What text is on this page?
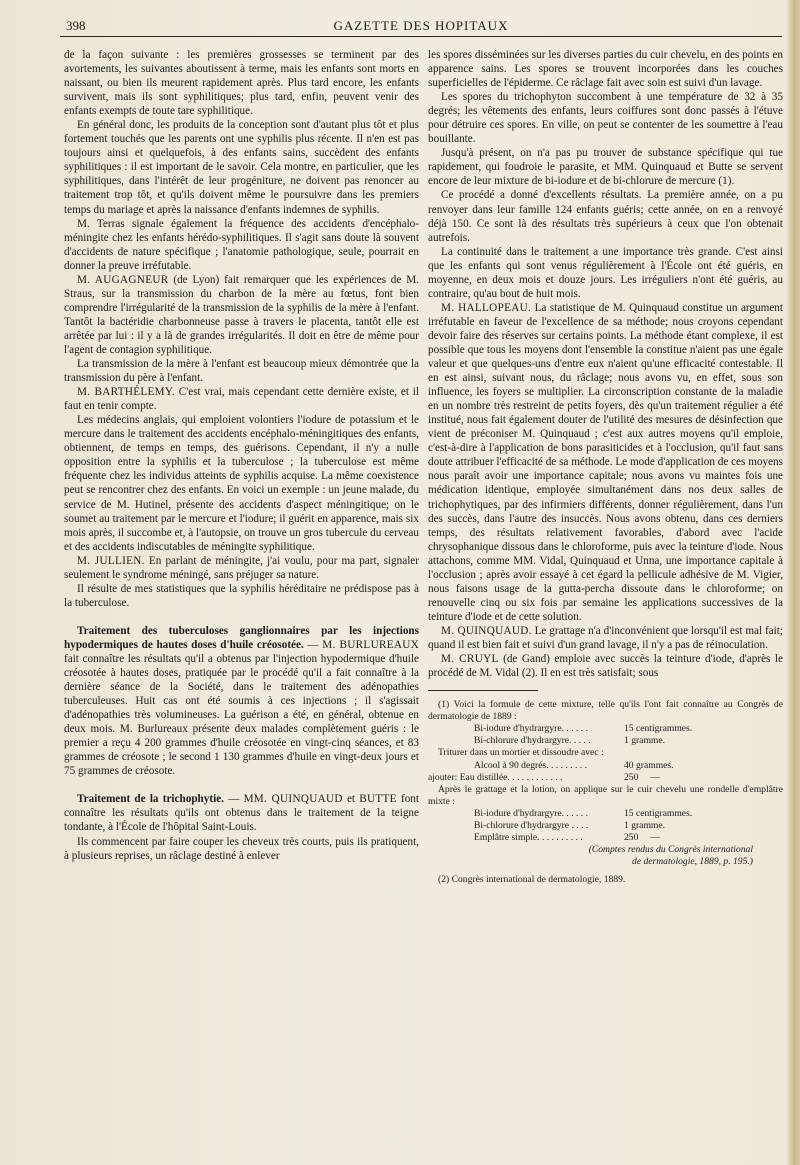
398	GAZETTE DES HOPITAUX

de la façon suivante : les premières grossesses se terminent par des avortements, les suivantes aboutissent à terme, mais les enfants sont morts en naissant, ou bien ils meurent rapidement après. Plus tard encore, les enfants survivent, mais ils sont syphilitiques; plus tard, enfin, peuvent venir des enfants exempts de toute tare syphilitique.

En général donc, les produits de la conception sont d'autant plus tôt et plus fortement touchés que les parents ont une syphilis plus récente. Il n'en est pas toujours ainsi et quelquefois, à des enfants sains, succèdent des enfants syphilitiques : il est important de le savoir. Cela montre, en particulier, que les syphilitiques, dans l'intérêt de leur progéniture, ne doivent pas renoncer au traitement trop tôt, et qu'ils doivent même le poursuivre dans les premiers temps du mariage et après la naissance d'enfants indemnes de syphilis.

M. Terras signale également la fréquence des accidents d'encéphalo-méningite chez les enfants hérédo-syphilitiques. Il s'agit sans doute là souvent d'accidents de nature spécifique ; l'anatomie pathologique, seule, pourrait en donner la preuve irréfutable.

M. AUGAGNEUR (de Lyon) fait remarquer que les expériences de M. Straus, sur la transmission du charbon de la mère au fœtus, font bien comprendre l'irrégularité de la transmission de la syphilis de la mère à l'enfant. Tantôt la bactéridie charbonneuse passe à travers le placenta, tantôt elle est arrêtée par lui : il y a là de grandes irrégularités. Il doit en être de même pour l'agent de contagion syphilitique.

La transmission de la mère à l'enfant est beaucoup mieux démontrée que la transmission du père à l'enfant.

M. BARTHÉLEMY. C'est vrai, mais cependant cette dernière existe, et il faut en tenir compte.

Les médecins anglais, qui emploient volontiers l'iodure de potassium et le mercure dans le traitement des accidents encéphalo-méningitiques des enfants, obtiennent, de temps en temps, des guérisons. Cependant, il n'y a nulle opposition entre la syphilis et la tuberculose ; la tuberculose est même fréquente chez les individus atteints de syphilis acquise. La même coexistence peut se rencontrer chez des enfants. En voici un exemple : un jeune malade, du service de M. Hutinel, présente des accidents d'aspect méningitique; on le soumet au traitement par le mercure et l'iodure; il guérit en apparence, mais six mois après, il succombe et, à l'autopsie, on trouve un gros tubercule du cerveau et des accidents indiscutables de méningite syphilitique.

M. JULLIEN. En parlant de méningite, j'ai voulu, pour ma part, signaler seulement le syndrome méningé, sans préjuger sa nature.

Il résulte de mes statistiques que la syphilis héréditaire ne prédispose pas à la tuberculose.

Traitement des tuberculoses ganglionnaires par les injections hypodermiques de hautes doses d'huile créosotée. — M. BURLUREAUX fait connaître les résultats qu'il a obtenus par l'injection hypodermique d'huile créosotée à hautes doses, pratiquée par le procédé qu'il a fait connaître à la dernière séance de la Société, dans le traitement des adénopathies tuberculeuses. Huit cas ont été soumis à ces injections ; il s'agissait d'adénopathies très volumineuses. La guérison a été, en général, obtenue en deux mois. M. Burlureaux présente deux malades complètement guéris : le premier a reçu 4 200 grammes d'huile créosotée en vingt-cinq séances, et 83 grammes de créosote ; le second 1 130 grammes d'huile en vingt-deux jours et 75 grammes de créosote.

Traitement de la trichophytie. — MM. QUINQUAUD et BUTTE font connaître les résultats qu'ils ont obtenus dans le traitement de la teigne tondante, à l'École de l'hôpital Saint-Louis.

Ils commencent par faire couper les cheveux très courts, puis ils pratiquent, à plusieurs reprises, un râclage destiné à enlever

les spores disséminées sur les diverses parties du cuir chevelu, en des points en apparence sains. Les spores se trouvent incorporées dans les couches superficielles de l'épiderme. Ce râclage fait avec soin est suivi d'un lavage.

Les spores du trichophyton succombent à une température de 32 à 35 degrés; les vêtements des enfants, leurs coiffures sont donc passés à l'étuve pour détruire ces spores. En ville, on peut se contenter de les soumettre à l'eau bouillante.

Jusqu'à présent, on n'a pas pu trouver de substance spécifique qui tue rapidement, qui foudroie le parasite, et MM. Quinquaud et Butte se servent encore de leur mixture de bi-iodure et de bi-chlorure de mercure (1).

Ce procédé a donné d'excellents résultats. La première année, on a pu renvoyer dans leur famille 124 enfants guéris; cette année, on en a renvoyé déjà 150. Ce sont là des résultats très supérieurs à ceux que l'on obtenait autrefois.

La continuité dans le traitement a une importance très grande. C'est ainsi que les enfants qui sont venus régulièrement à l'École ont été guéris, en moyenne, en deux mois et douze jours. Les irréguliers n'ont été guéris, au contraire, qu'au bout de huit mois.

M. HALLOPEAU. La statistique de M. Quinquaud constitue un argument irréfutable en faveur de l'excellence de sa méthode; nous croyons cependant devoir faire des réserves sur certains points. La méthode étant complexe, il est possible que tous les moyens dont l'ensemble la constitue n'aient pas une égale valeur et que quelques-uns d'entre eux n'aient qu'une efficacité contestable. Il en est ainsi, suivant nous, du râclage; nous avons vu, en effet, sous son influence, les foyers se multiplier. La circonscription constante de la maladie en un nombre très restreint de petits foyers, dès qu'un traitement régulier a été institué, nous fait également douter de l'utilité des mesures de désinfection que vient de préconiser M. Quinquaud ; c'est aux autres moyens qu'il emploie, c'est-à-dire à l'application de bons parasiticides et à l'occlusion, qu'il faut sans doute attribuer l'efficacité de sa méthode. Le mode d'application de ces moyens nous paraît avoir une importance capitale; nous avons vu maintes fois une médication identique, employée simultanément dans nos deux salles de trichophytiques, par des infirmiers différents, donner régulièrement, dans l'un des succès, dans l'autre des insuccès. Nous avons obtenu, dans ces derniers temps, des résultats relativement favorables, d'abord avec l'acide chrysophanique dissous dans le chloroforme, puis avec la teinture d'iode. Nous attachons, comme MM. Vidal, Quinquaud et Unna, une importance capitale à l'occlusion ; après avoir essayé à cet égard la pellicule adhésive de M. Vigier, nous faisons usage de la gutta-percha dissoute dans le chloroforme; on renouvelle cinq ou six fois par semaine les applications successives de la teinture d'iode et de cette solution.

M. QUINQUAUD. Le grattage n'a d'inconvénient que lorsqu'il est mal fait; quand il est bien fait et suivi d'un grand lavage, il n'y a pas de réinoculation.

M. CRUYL (de Gand) emploie avec succès la teinture d'iode, d'après le procédé de M. Vidal (2). Il en est très satisfait; sous

(1) Voici la formule de cette mixture, telle qu'ils l'ont fait connaître au Congrès de dermatologie de 1889 :

Bi-iodure d'hydrargyre. . . . . .	15 centigrammes.
Bi-chlorure d'hydrargyre. . . . .	1 gramme.

Triturer dans un mortier et dissoudre avec :

Alcool à 90 degrés. . . . . . . . .	40 grammes.
ajouter: Eau distillée. . . . . . . . . . . .	250     —

Après le grattage et la lotion, on applique sur le cuir chevelu une rondelle d'emplâtre mixte :

Bi-iodure d'hydrargyre. . . . . .	15 centigrammes.
Bi-chlorure d'hydrargyre . . . .	1 gramme.
Emplâtre simple. . . . . . . . . .	250     —
(Comptes rendus du Congrès international
de dermatologie, 1889, p. 195.)

(2) Congrès international de dermatologie, 1889.
